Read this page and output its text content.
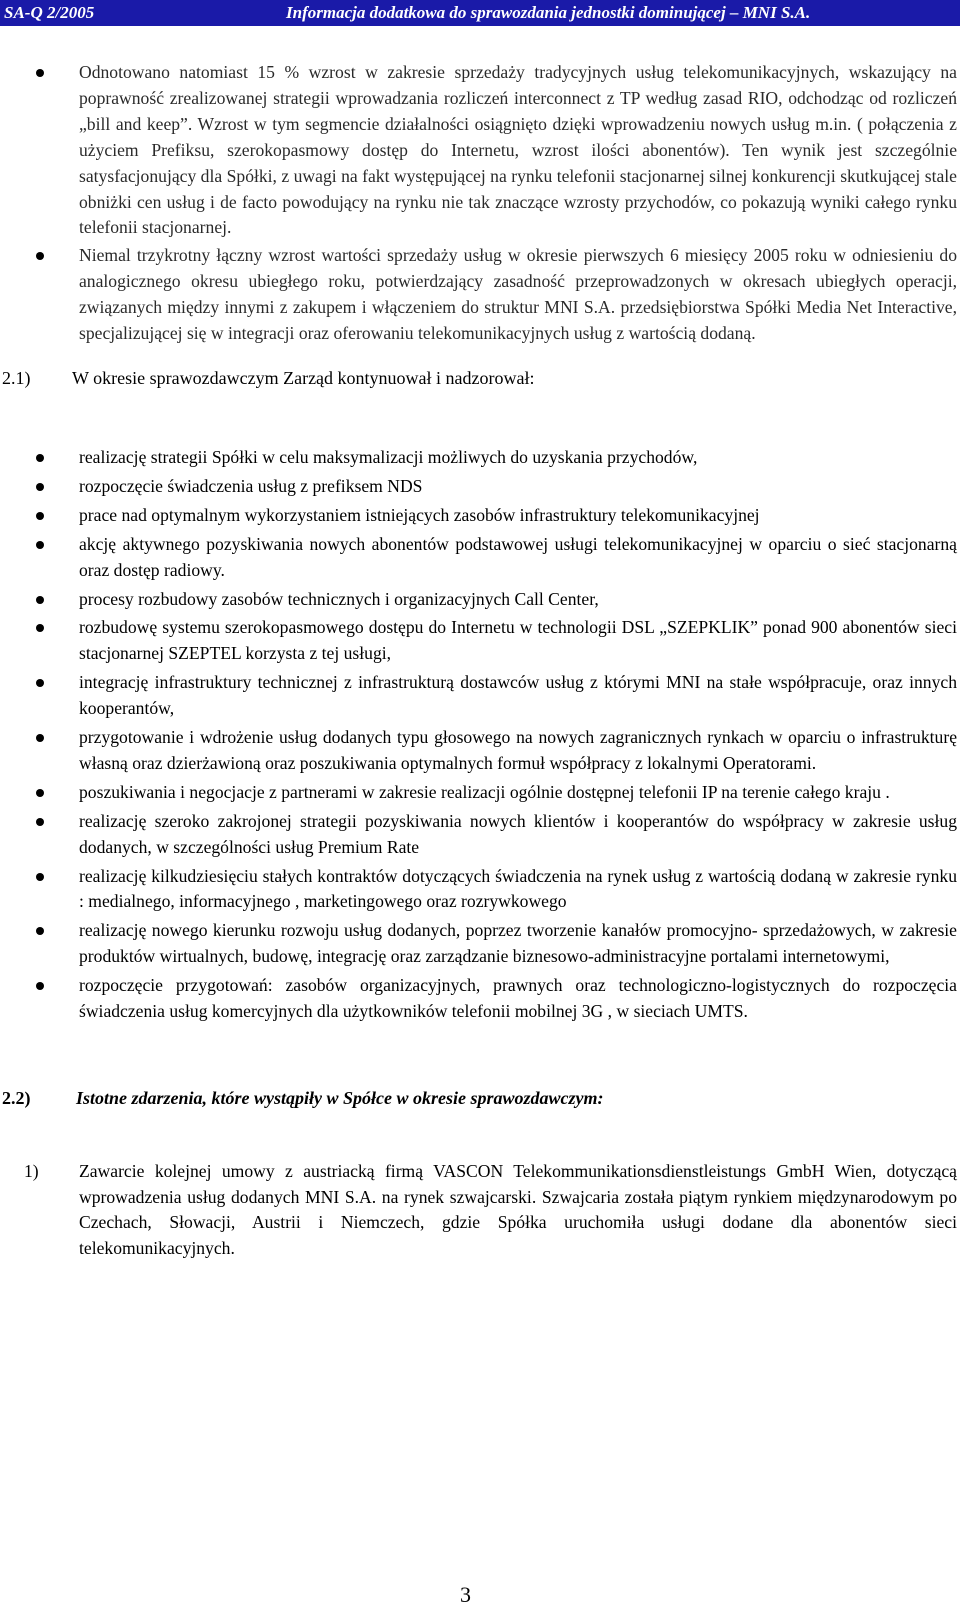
SA-Q 2/2005	Informacja dodatkowa do sprawozdania jednostki dominującej – MNI S.A.
Odnotowano natomiast 15 % wzrost w zakresie sprzedaży tradycyjnych usług telekomunikacyjnych, wskazujący na poprawność zrealizowanej strategii wprowadzania rozliczeń interconnect z TP według zasad RIO, odchodząc od rozliczeń „bill and keep”. Wzrost w tym segmencie działalności osiągnięto dzięki wprowadzeniu nowych usług m.in. ( połączenia z użyciem Prefiksu, szerokopasmowy dostęp do Internetu, wzrost ilości abonentów). Ten wynik jest szczególnie satysfacjonujący dla Spółki, z uwagi na fakt występującej na rynku telefonii stacjonarnej silnej konkurencji skutkującej stale obniżki cen usług i de facto powodujący na rynku nie tak znaczące wzrosty przychodów, co pokazują wyniki całego rynku telefonii stacjonarnej.
Niemal trzykrotny łączny wzrost wartości sprzedaży usług w okresie pierwszych 6 miesięcy 2005 roku w odniesieniu do analogicznego okresu ubiegłego roku, potwierdzający zasadność przeprowadzonych w okresach ubiegłych operacji, związanych między innymi z zakupem i włączeniem do struktur MNI S.A. przedsiębiorstwa Spółki Media Net Interactive, specjalizującej się w integracji oraz oferowaniu telekomunikacyjnych usług z wartością dodaną.
2.1) W okresie sprawozdawczym Zarząd kontynuował i nadzorował:

realizację strategii Spółki w celu maksymalizacji możliwych do uzyskania przychodów,
rozpoczęcie świadczenia usług z prefiksem NDS
prace nad optymalnym wykorzystaniem istniejących zasobów infrastruktury telekomunikacyjnej
akcję aktywnego pozyskiwania nowych abonentów podstawowej usługi telekomunikacyjnej w oparciu o sieć stacjonarną oraz dostęp radiowy.
procesy rozbudowy zasobów technicznych i organizacyjnych Call Center,
rozbudowę systemu szerokopasmowego dostępu do Internetu w technologii DSL „SZEPKLIK” ponad 900 abonentów sieci stacjonarnej SZEPTEL korzysta z tej usługi,
integrację infrastruktury technicznej z infrastrukturą dostawców usług z którymi MNI na stałe współpracuje, oraz innych kooperantów,
przygotowanie i wdrożenie usług dodanych typu głosowego na nowych zagranicznych rynkach w oparciu o infrastrukturę własną oraz dzierżawioną oraz poszukiwania optymalnych formuł współpracy z lokalnymi Operatorami.
poszukiwania i negocjacje z partnerami w zakresie realizacji ogólnie dostępnej telefonii IP na terenie całego kraju .
realizację szeroko zakrojonej strategii pozyskiwania nowych klientów i kooperantów do współpracy w zakresie usług dodanych, w szczególności usług Premium Rate
realizację kilkudziesięciu stałych kontraktów dotyczących świadczenia na rynek usług z wartością dodaną w zakresie rynku : medialnego, informacyjnego , marketingowego oraz rozrywkowego
realizację nowego kierunku rozwoju usług dodanych, poprzez tworzenie kanałów promocyjno- sprzedażowych, w zakresie produktów wirtualnych, budowę, integrację oraz zarządzanie biznesowo-administracyjne portalami internetowymi,
rozpoczęcie przygotowań: zasobów organizacyjnych, prawnych oraz technologiczno-logistycznych do rozpoczęcia świadczenia usług komercyjnych dla użytkowników telefonii mobilnej 3G , w sieciach UMTS.
2.2)	Istotne zdarzenia, które wystąpiły w Spółce w okresie sprawozdawczym:

1) Zawarcie kolejnej umowy z austriacką firmą VASCON Telekommunikationsdienstleistungs GmbH Wien, dotyczącą wprowadzenia usług dodanych MNI S.A. na rynek szwajcarski. Szwajcaria została piątym rynkiem międzynarodowym po Czechach, Słowacji, Austrii i Niemczech, gdzie Spółka uruchomiła usługi dodane dla abonentów sieci telekomunikacyjnych.
3
